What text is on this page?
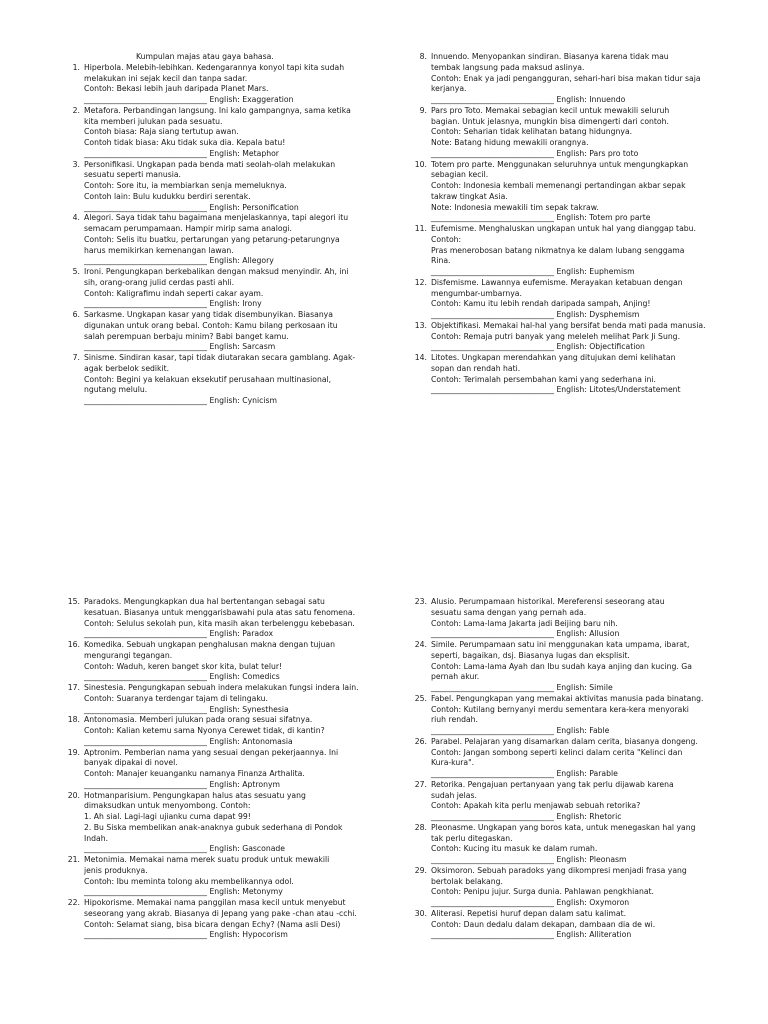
Kumpulan majas atau gaya bahasa.
1. Hiperbola. Melebih-lebihkan. Kedengarannya konyol tapi kita sudah
melakukan ini sejak kecil dan tanpa sadar.
Contoh: Bekasi lebih jauh daripada Planet Mars.
________________________________ English: Exaggeration
2. Metafora. Perbandingan langsung. Ini kalo gampangnya, sama ketika
kita memberi julukan pada sesuatu.
Contoh biasa: Raja siang tertutup awan.
Contoh tidak biasa: Aku tidak suka dia. Kepala batu!
________________________________ English: Metaphor
3. Personifikasi. Ungkapan pada benda mati seolah-olah melakukan
sesuatu seperti manusia.
Contoh: Sore itu, ia membiarkan senja memeluknya.
Contoh lain: Bulu kudukku berdiri serentak.
________________________________ English: Personification
4. Alegori. Saya tidak tahu bagaimana menjelaskannya, tapi alegori itu
semacam perumpamaan. Hampir mirip sama analogi.
Contoh: Selis itu buatku, pertarungan yang petarung-petarungnya
harus memikirkan kemenangan lawan.
________________________________ English: Allegory
5. Ironi. Pengungkapan berkebalikan dengan maksud menyindir. Ah, ini
sih, orang-orang julid cerdas pasti ahli.
Contoh: Kaligrafimu indah seperti cakar ayam.
________________________________ English: Irony
6. Sarkasme. Ungkapan kasar yang tidak disembunyikan. Biasanya
digunakan untuk orang bebal. Contoh: Kamu bilang perkosaan itu
salah perempuan berbaju minim? Babi banget kamu.
________________________________ English: Sarcasm
7. Sinisme. Sindiran kasar, tapi tidak diutarakan secara gamblang. Agak-
agak berbelok sedikit.
Contoh: Begini ya kelakuan eksekutif perusahaan multinasional,
ngutang melulu.
________________________________ English: Cynicism
8. Innuendo. Menyopankan sindiran. Biasanya karena tidak mau
tembak langsung pada maksud aslinya.
Contoh: Enak ya jadi pengangguran, sehari-hari bisa makan tidur saja
kerjanya.
________________________________ English: Innuendo
9. Pars pro Toto. Memakai sebagian kecil untuk mewakili seluruh
bagian. Untuk jelasnya, mungkin bisa dimengerti dari contoh.
Contoh: Seharian tidak kelihatan batang hidungnya.
Note: Batang hidung mewakili orangnya.
________________________________ English: Pars pro toto
10. Totem pro parte. Menggunakan seluruhnya untuk mengungkapkan
sebagian kecil.
Contoh: Indonesia kembali memenangi pertandingan akbar sepak
takraw tingkat Asia.
Note: Indonesia mewakili tim sepak takraw.
________________________________ English: Totem pro parte
11. Eufemisme. Menghaluskan ungkapan untuk hal yang dianggap tabu.
Contoh:
Pras menerobosan batang nikmatnya ke dalam lubang senggama
Rina.
________________________________ English: Euphemism
12. Disfemisme. Lawannya eufemisme. Merayakan ketabuan dengan
mengumbar-umbarnya.
Contoh: Kamu itu lebih rendah daripada sampah, Anjing!
________________________________ English: Dysphemism
13. Objektifikasi. Memakai hal-hal yang bersifat benda mati pada manusia.
Contoh: Remaja putri banyak yang meleleh melihat Park Ji Sung.
________________________________ English: Objectification
14. Litotes. Ungkapan merendahkan yang ditujukan demi kelihatan
sopan dan rendah hati.
Contoh: Terimalah persembahan kami yang sederhana ini.
________________________________ English: Litotes/Understatement
15. Paradoks. Mengungkapkan dua hal bertentangan sebagai satu
kesatuan. Biasanya untuk menggarisbawahi pula atas satu fenomena.
Contoh: Selulus sekolah pun, kita masih akan terbelenggu kebebasan.
________________________________ English: Paradox
16. Komedika. Sebuah ungkapan penghalusan makna dengan tujuan
mengurangi tegangan.
Contoh: Waduh, keren banget skor kita, bulat telur!
________________________________ English: Comedics
17. Sinestesia. Pengungkapan sebuah indera melakukan fungsi indera lain.
Contoh: Suaranya terdengar tajam di telingaku.
________________________________ English: Synesthesia
18. Antonomasia. Memberi julukan pada orang sesuai sifatnya.
Contoh: Kalian ketemu sama Nyonya Cerewet tidak, di kantin?
________________________________ English: Antonomasia
19. Aptronim. Pemberian nama yang sesuai dengan pekerjaannya. Ini
banyak dipakai di novel.
Contoh: Manajer keuanganku namanya Finanza Arthalita.
________________________________ English: Aptronym
20. Hotmanparisium. Pengungkapan halus atas sesuatu yang
dimaksudkan untuk menyombong. Contoh:
1. Ah sial. Lagi-lagi ujianku cuma dapat 99!
2. Bu Siska membelikan anak-anaknya gubuk sederhana di Pondok
Indah.
________________________________ English: Gasconade
21. Metonimia. Memakai nama merek suatu produk untuk mewakili
jenis produknya.
Contoh: Ibu meminta tolong aku membelikannya odol.
________________________________ English: Metonymy
22. Hipokorisme. Memakai nama panggilan masa kecil untuk menyebut
seseorang yang akrab. Biasanya di Jepang yang pake -chan atau -cchi.
Contoh: Selamat siang, bisa bicara dengan Echy? (Nama asli Desi)
________________________________ English: Hypocorism
23. Alusio. Perumpamaan historikal. Mereferensi seseorang atau
sesuatu sama dengan yang pernah ada.
Contoh: Lama-lama Jakarta jadi Beijing baru nih.
________________________________ English: Allusion
24. Simile. Perumpamaan satu ini menggunakan kata umpama, ibarat,
seperti, bagaikan, dsj. Biasanya lugas dan eksplisit.
Contoh: Lama-lama Ayah dan Ibu sudah kaya anjing dan kucing. Ga
pernah akur.
________________________________ English: Simile
25. Fabel. Pengungkapan yang memakai aktivitas manusia pada binatang.
Contoh: Kutilang bernyanyi merdu sementara kera-kera menyoraki
riuh rendah.
________________________________ English: Fable
26. Parabel. Pelajaran yang disamarkan dalam cerita, biasanya dongeng.
Contoh: Jangan sombong seperti kelinci dalam cerita "Kelinci dan
Kura-kura".
________________________________ English: Parable
27. Retorika. Pengajuan pertanyaan yang tak perlu dijawab karena
sudah jelas.
Contoh: Apakah kita perlu menjawab sebuah retorika?
________________________________ English: Rhetoric
28. Pleonasme. Ungkapan yang boros kata, untuk menegaskan hal yang
tak perlu ditegaskan.
Contoh: Kucing itu masuk ke dalam rumah.
________________________________ English: Pleonasm
29. Oksimoron. Sebuah paradoks yang dikompresi menjadi frasa yang
bertolak belakang.
Contoh: Penipu jujur. Surga dunia. Pahlawan pengkhianat.
________________________________ English: Oxymoron
30. Aliterasi. Repetisi huruf depan dalam satu kalimat.
Contoh: Daun dedalu dalam dekapan, dambaan dia de wi.
________________________________ English: Alliteration
